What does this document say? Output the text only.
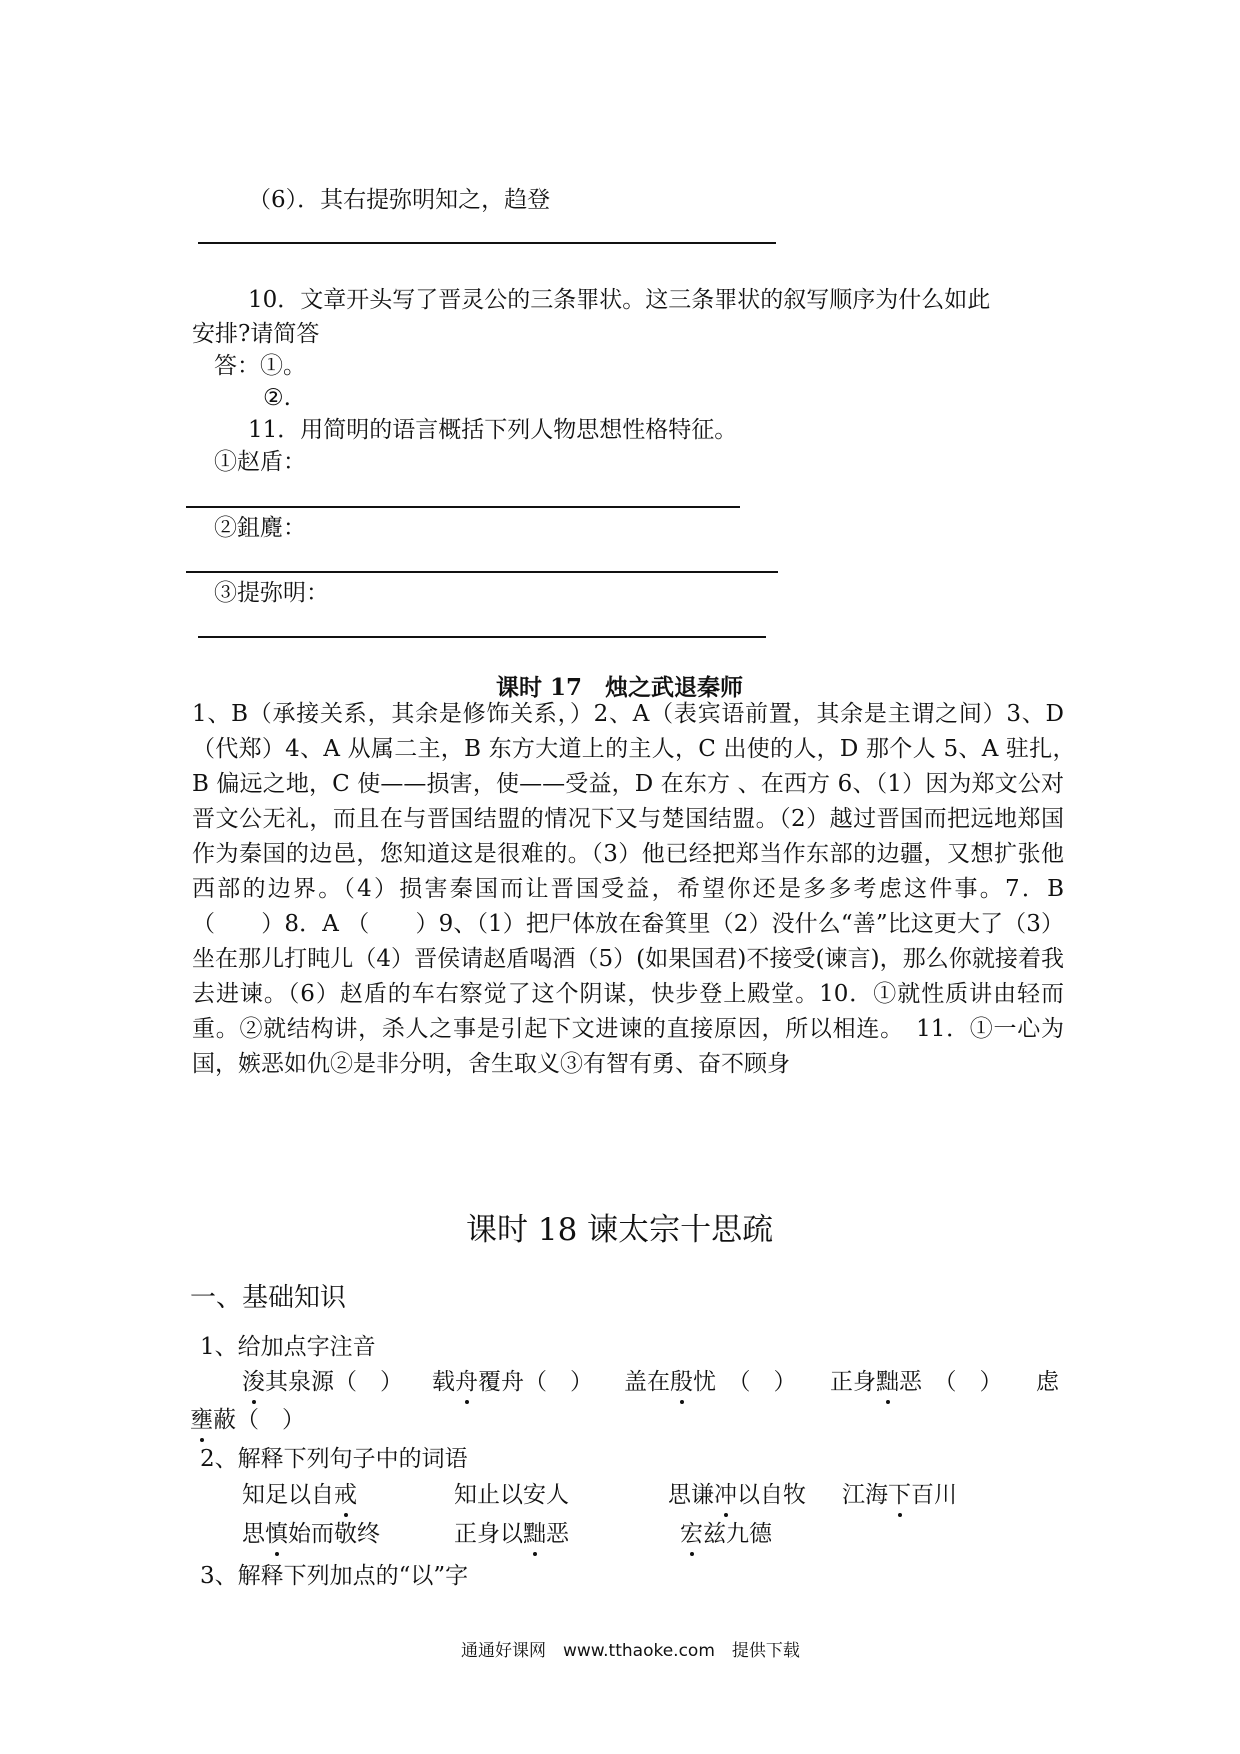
（6）．其右提弥明知之，趋登
10．文章开头写了晋灵公的三条罪状。这三条罪状的叙写顺序为什么如此
安排?请简答
答：①。
②.
11．用简明的语言概括下列人物思想性格特征。
①赵盾：
②鉏麑：
③提弥明：
课时 17　烛之武退秦师
1、B（承接关系，其余是修饰关系，）2、A（表宾语前置，其余是主谓之间）3、D（代郑）4、A 从属二主，B 东方大道上的主人，C 出使的人，D 那个人 5、A 驻扎，　B 偏远之地，C 使——损害，使——受益，D 在东方 、在西方 6、（1）因为郑文公对晋文公无礼，而且在与晋国结盟的情况下又与楚国结盟。（2）越过晋国而把远地郑国作为秦国的边邑，您知道这是很难的。（3）他已经把郑当作东部的边疆，又想扩张他西部的边界。（4）损害秦国而让晋国受益，希望你还是多多考虑这件事。7．B （　　）8．A （　　）9、（1）把尸体放在畚箕里（2）没什么“善”比这更大了（3）坐在那儿打盹儿（4）晋侯请赵盾喝酒（5）(如果国君)不接受(谏言)，那么你就接着我去进谏。（6）赵盾的车右察觉了这个阴谋，快步登上殿堂。10．①就性质讲由轻而重。②就结构讲，杀人之事是引起下文进谏的直接原因，所以相连。　11．①一心为国，嫉恶如仇②是非分明，舍生取义③有智有勇、奋不顾身
课时 18 谏太宗十思疏
一、基础知识
1、给加点字注音
浚其泉源（　） 载舟覆舟（　） 盖在殷忧　（　） 正身黜恶　（　） 虑
壅蔽（　）
2、解释下列句子中的词语
知足以自戒	知止以安人	思谦冲以自牧 江海下百川
思慎始而敬终	正身以黜恶	宏兹九德
3、解释下列加点的“以”字
通通好课网　www.tthaoke.com　提供下载
